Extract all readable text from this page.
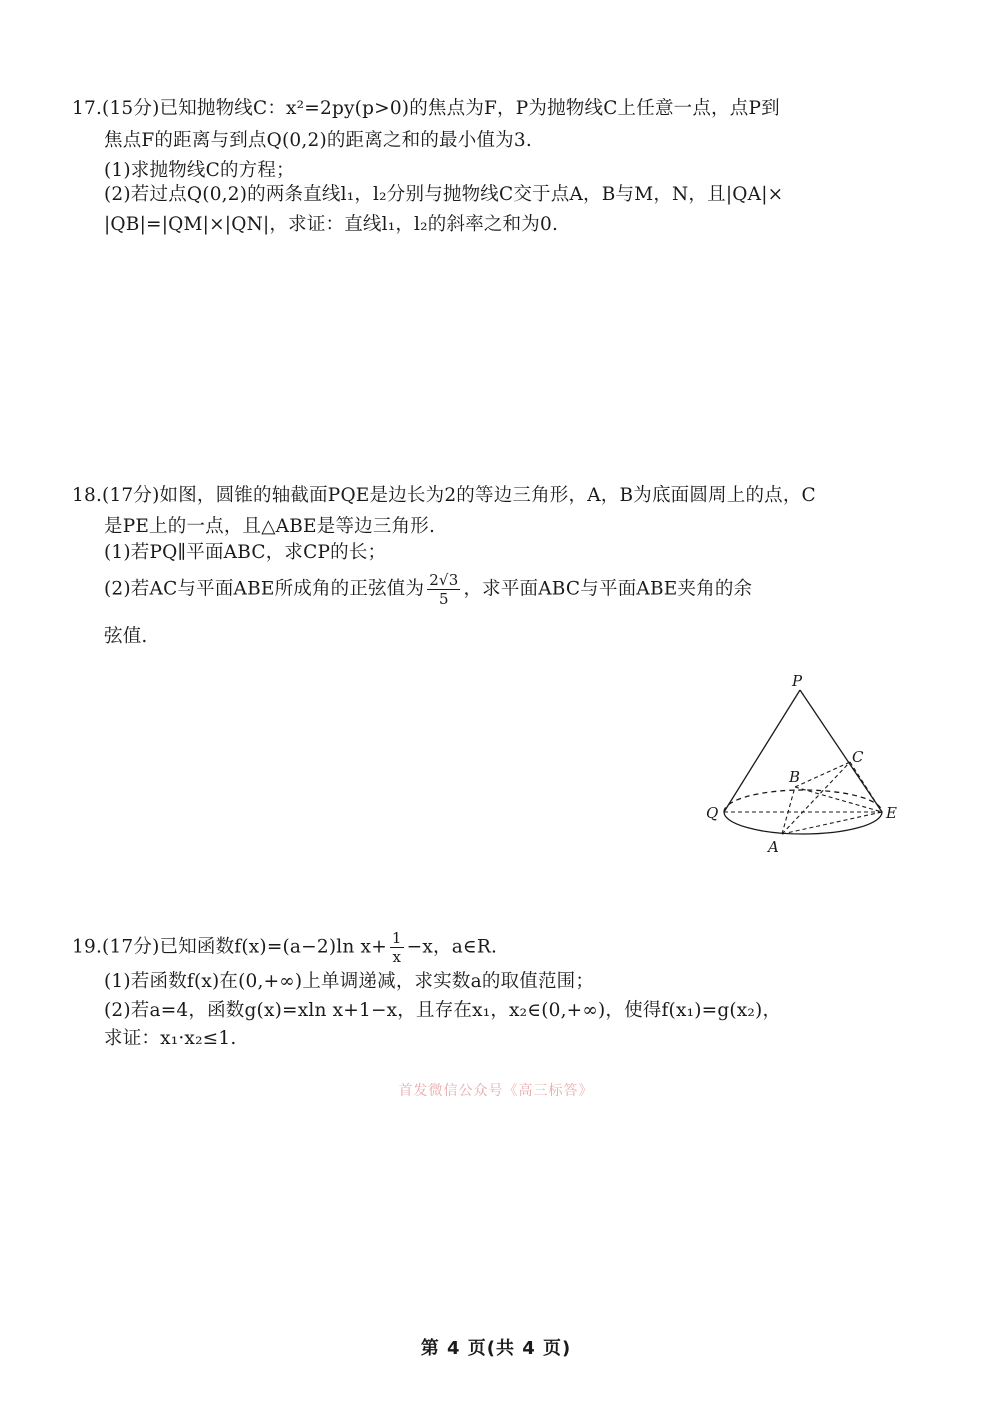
17.(15分)已知抛物线C：x²=2py(p>0)的焦点为F，P为抛物线C上任意一点，点P到
焦点F的距离与到点Q(0,2)的距离之和的最小值为3.
(1)求抛物线C的方程；
(2)若过点Q(0,2)的两条直线l₁，l₂分别与抛物线C交于点A，B与M，N，且|QA|×
|QB|=|QM|×|QN|，求证：直线l₁，l₂的斜率之和为0.
18.(17分)如图，圆锥的轴截面PQE是边长为2的等边三角形，A，B为底面圆周上的点，C
是PE上的一点，且△ABE是等边三角形.
(1)若PQ∥平面ABC，求CP的长；
(2)若AC与平面ABE所成角的正弦值为 $\frac{2√3}{5}$ ，求平面ABC与平面ABE夹角的余
弦值.
P
C
B
Q	E
A
19.(17分)已知函数f(x)=(a−2)ln $x+ \frac{1}{x} -x$，a∈R.
(1)若函数f(x)在(0,+∞)上单调递减，求实数a的取值范围；
(2)若a=4，函数g(x)=xln x+1−x，且存在x₁，x₂∈(0,+∞)，使得f(x₁)=g(x₂)，
求证：x₁·x₂≤1.
首发微信公众号《高三标答》
第 4 页(共 4 页)
